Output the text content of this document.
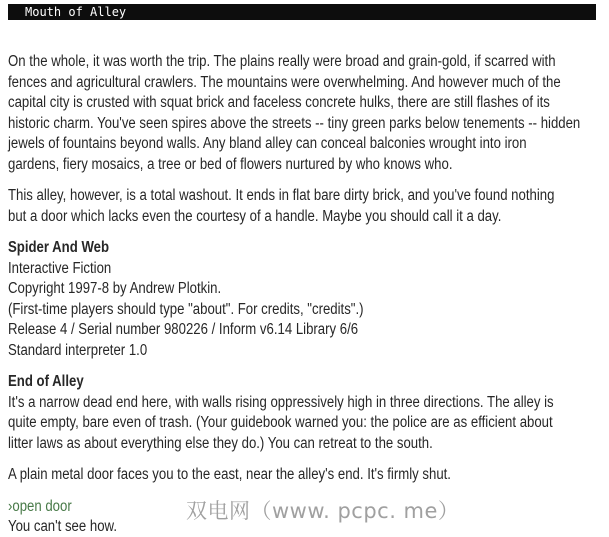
Mouth of Alley
On the whole, it was worth the trip. The plains really were broad and grain-gold, if scarred with
fences and agricultural crawlers. The mountains were overwhelming. And however much of the
capital city is crusted with squat brick and faceless concrete hulks, there are still flashes of its
historic charm. You've seen spires above the streets -- tiny green parks below tenements -- hidden
jewels of fountains beyond walls. Any bland alley can conceal balconies wrought into iron
gardens, fiery mosaics, a tree or bed of flowers nurtured by who knows who.
This alley, however, is a total washout. It ends in flat bare dirty brick, and you've found nothing
but a door which lacks even the courtesy of a handle. Maybe you should call it a day.
Spider And Web
Interactive Fiction
Copyright 1997-8 by Andrew Plotkin.
(First-time players should type "about". For credits, "credits".)
Release 4 / Serial number 980226 / Inform v6.14 Library 6/6
Standard interpreter 1.0
End of Alley
It's a narrow dead end here, with walls rising oppressively high in three directions. The alley is
quite empty, bare even of trash. (Your guidebook warned you: the police are as efficient about
litter laws as about everything else they do.) You can retreat to the south.
A plain metal door faces you to the east, near the alley's end. It's firmly shut.
›open door
You can't see how.
双电网（www. pcpc. me）
